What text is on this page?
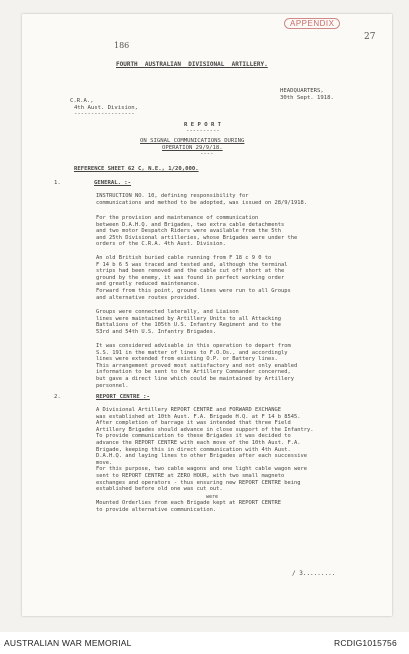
186
APPENDIX
27
FOURTH  AUSTRALIAN  DIVISIONAL  ARTILLERY.
HEADQUARTERS,
30th Sept. 1918.
C.R.A.,
4th Aust. Division,
------------------
R E P O R T
----------
ON SIGNAL COMMUNICATIONS DURING
OPERATION 29/9/18.
----
REFERENCE SHEET 62 C, N.E., 1/20,000.
1.	GENERAL. :-
INSTRUCTION NO. 10, defining responsibility for
communications and method to be adopted, was issued on 28/9/1918.
For the provision and maintenance of communication
between D.A.H.Q. and Brigades, two extra cable detachments
and two motor Despatch Riders were available from the 5th
and 25th Divisional artilleries, whose Brigades were under the
orders of the C.R.A. 4th Aust. Division.
An old British buried cable running from F 18 c 9 0 to
F 14 b 6 5 was traced and tested and, although the terminal
strips had been removed and the cable cut off short at the
ground by the enemy, it was found in perfect working order
and greatly reduced maintenance.
Forward from this point, ground lines were run to all Groups
and alternative routes provided.
Groups were connected laterally, and Liaison
lines were maintained by Artillery Units to all Attacking
Battalions of the 105th U.S. Infantry Regiment and to the
53rd and 54th U.S. Infantry Brigades.
It was considered advisable in this operation to depart from
S.S. 191 in the matter of lines to F.O.Os., and accordingly
lines were extended from existing O.P. or Battery lines.
This arrangement proved most satisfactory and not only enabled
information to be sent to the Artillery Commander concerned,
but gave a direct line which could be maintained by Artillery
personnel.
2.	REPORT CENTRE :-
A Divisional Artillery REPORT CENTRE and FORWARD EXCHANGE
was established at 10th Aust. F.A. Brigade H.Q. at F 14 b 8545.
After completion of barrage it was intended that three Field
Artillery Brigades should advance in close support of the Infantry.
To provide communication to these Brigades it was decided to
advance the REPORT CENTRE with each move of the 10th Aust. F.A.
Brigade, keeping this in direct communication with 4th Aust.
D.A.H.Q. and laying lines to other Brigades after each successive
move.
For this purpose, two cable wagons and one light cable wagon were
sent to REPORT CENTRE at ZERO HOUR, with two small magneto
exchanges and operators - thus ensuring new REPORT CENTRE being
established before old one was cut out.
were
Mounted Orderlies from each Brigade kept at REPORT CENTRE
to provide alternative communication.
/ 3.........
AUSTRALIAN WAR MEMORIAL	RCDIG1015756
